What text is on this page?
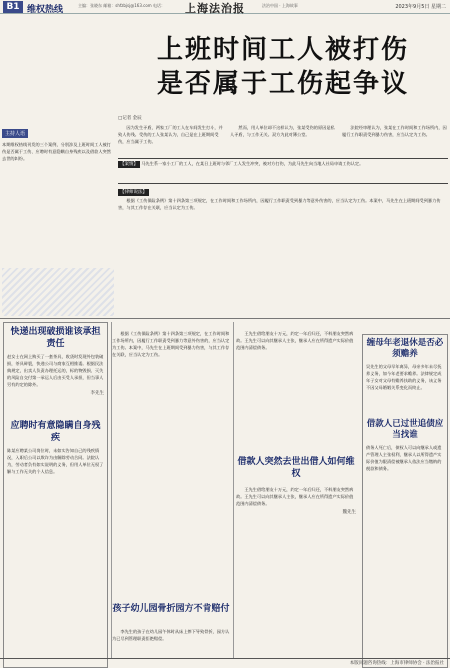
B1 维权热线	主编：张晓东 邮箱：shfzbjsj@163.com 电话： 上海法治报	法治中国 · 上海故事	2023年9月5日 星期二
上班时间工人被打伤
是否属于工伤起争议
主持人语
本期维权热线刊发的三个案例，分别涉及上班时间工人被打伤是否属于工伤、应聘时有意隐瞒自身残疾以及借款人突然去世的纠纷。
□记者 金辰

因为发生矛盾，两家工厂的工人在车间发生打斗，并致人伤残。受伤的工人张某认为，自己是在上班期间受伤，应当属于工伤。

然而，用人单位却不这样认为，张某受伤的原因是私人矛盾，与工作无关。双方为此对簿公堂。

法院经审理认为，张某在工作时间和工作场所内，因履行工作职责受到暴力伤害，应当认定为工伤。

【案情】 马先生系一家小工厂的工人，在某日上班时与邻厂工人发生冲突，被对方打伤，为此马先生向当地人社局申请工伤认定。
【律师说法】

根据《工伤保险条例》第十四条第三项规定，在工作时间和工作场所内，因履行工作职责受到暴力等意外伤害的，应当认定为工伤。本案中，马先生在上班期间受到暴力伤害，与其工作存在关联，应当认定为工伤。

快递出现破损谁该承担责任
赵女士在网上购买了一套茶具，收货时发现外包装破损，茶具碎裂，快递公司与商家互相推诿。根据民法典规定，出卖人负责办理托运的，标的物毁损、灭失的风险自交付第一承运人后由买受人承担，但当事人另有约定的除外。
李先生
应聘时有意隐瞒自身残疾
陈某应聘某公司岗位时，未如实告知自己的残疾情况，入职后公司以欺诈为由解除劳动合同。法院认为，劳动者负有如实说明的义务，但用人单位无权了解与工作无关的个人信息。

根据《工伤保险条例》第十四条第三项规定，在工作时间和工作场所内，因履行工作职责受到暴力等意外伤害的，应当认定为工伤。本案中，马先生在上班期间受到暴力伤害，与其工作存在关联，应当认定为工伤。

孩子幼儿园骨折园方不肯赔付

李先生的孩子在幼儿园午休时从床上摔下导致骨折，园方认为已尽到管理职责拒绝赔偿。

王先生借给朋友十万元，约定一年后归还，不料朋友突然病故。王先生可以向其继承人主张，继承人应在所得遗产实际价值范围内清偿债务。

借款人突然去世出借人如何维权

王先生借给朋友十万元，约定一年后归还，不料朋友突然病故。王先生可以向其继承人主张，继承人应在所得遗产实际价值范围内清偿债务。

魏先生
缠母年老退休是否必须赡养
吴先生的父母早年离异，母亲多年未尽抚养义务，如今年老要求赡养。法律规定成年子女对父母有赡养扶助的义务，该义务不因父母婚姻关系变化而终止。
借款人已过世追债应当找谁
债务人死亡后，债权人可以向继承人或遗产管理人主张权利，继承人以所得遗产实际价值为限清偿被继承人依法应当缴纳的税款和债务。
本版问题咨询热线：上海市律师协会 · 法治报社
